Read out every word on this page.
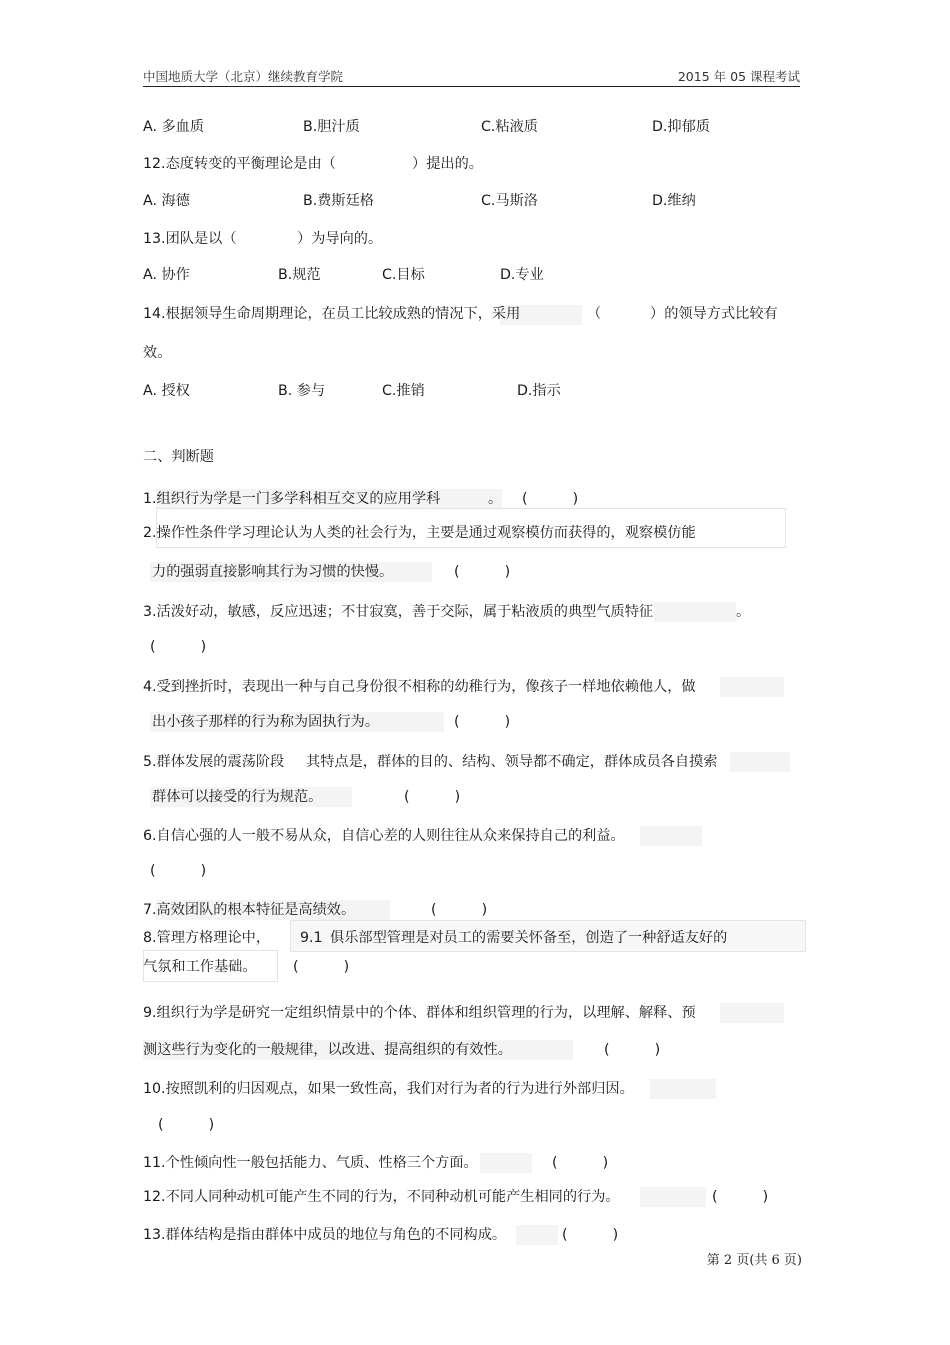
中国地质大学（北京）继续教育学院	2015 年 05 课程考试
A. 多血质	B.胆汁质	C.粘液质	D.抑郁质
12.态度转变的平衡理论是由（	）提出的。
A. 海德	B.费斯廷格	C.马斯洛	D.维纳
13.团队是以（	）为导向的。
A. 协作	B.规范	C.目标	D.专业
14.根据领导生命周期理论，在员工比较成熟的情况下，采用	（	）的领导方式比较有
效。
A. 授权	B. 参与	C.推销	D.指示
二、判断题
1.组织行为学是一门多学科相互交叉的应用学科	。 (          )
2.操作性条件学习理论认为人类的社会行为，主要是通过观察模仿而获得的，观察模仿能
力的强弱直接影响其行为习惯的快慢。	(          )
3.活泼好动，敏感，反应迅速；不甘寂寞，善于交际，属于粘液质的典型气质特征	。
(          )
4.受到挫折时，表现出一种与自己身份很不相称的幼稚行为，像孩子一样地依赖他人，做
出小孩子那样的行为称为固执行为。	(          )
5.群体发展的震荡阶段 其特点是，群体的目的、结构、领导都不确定，群体成员各自摸索
群体可以接受的行为规范。	(          )
6.自信心强的人一般不易从众，自信心差的人则往往从众来保持自己的利益。
(          )
7.高效团队的根本特征是高绩效。	(          )
8.管理方格理论中， 9.1 俱乐部型管理是对员工的需要关怀备至，创造了一种舒适友好的
气氛和工作基础。	(          )
9.组织行为学是研究一定组织情景中的个体、群体和组织管理的行为，以理解、解释、预
测这些行为变化的一般规律，以改进、提高组织的有效性。	(          )
10.按照凯利的归因观点，如果一致性高，我们对行为者的行为进行外部归因。
(          )
11.个性倾向性一般包括能力、气质、性格三个方面。	(          )
12.不同人同种动机可能产生不同的行为，不同种动机可能产生相同的行为。	(          )
13.群体结构是指由群体中成员的地位与角色的不同构成。	(          )
第 2 页(共 6 页)
